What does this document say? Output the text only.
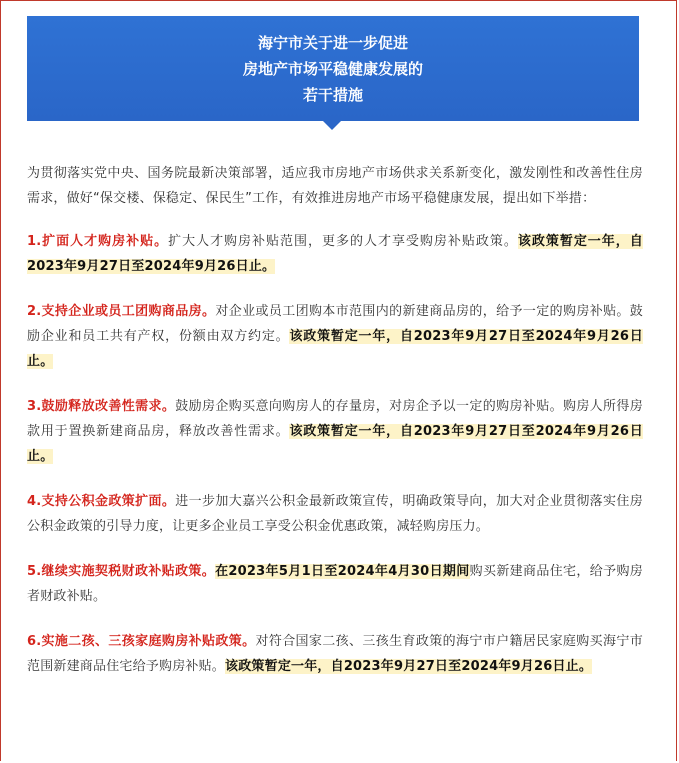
海宁市关于进一步促进
房地产市场平稳健康发展的
若干措施

为贯彻落实党中央、国务院最新决策部署，适应我市房地产市场供求关系新变化，激发刚性和改善性住房需求，做好“保交楼、保稳定、保民生”工作，有效推进房地产市场平稳健康发展，提出如下举措：

1.扩面人才购房补贴。扩大人才购房补贴范围，更多的人才享受购房补贴政策。该政策暂定一年，自2023年9月27日至2024年9月26日止。

2.支持企业或员工团购商品房。对企业或员工团购本市范围内的新建商品房的，给予一定的购房补贴。鼓励企业和员工共有产权，份额由双方约定。该政策暂定一年，自2023年9月27日至2024年9月26日止。

3.鼓励释放改善性需求。鼓励房企购买意向购房人的存量房，对房企予以一定的购房补贴。购房人所得房款用于置换新建商品房，释放改善性需求。该政策暂定一年，自2023年9月27日至2024年9月26日止。

4.支持公积金政策扩面。进一步加大嘉兴公积金最新政策宣传，明确政策导向，加大对企业贯彻落实住房公积金政策的引导力度，让更多企业员工享受公积金优惠政策，减轻购房压力。

5.继续实施契税财政补贴政策。在2023年5月1日至2024年4月30日期间购买新建商品住宅，给予购房者财政补贴。

6.实施二孩、三孩家庭购房补贴政策。对符合国家二孩、三孩生育政策的海宁市户籍居民家庭购买海宁市范围新建商品住宅给予购房补贴。该政策暂定一年，自2023年9月27日至2024年9月26日止。
